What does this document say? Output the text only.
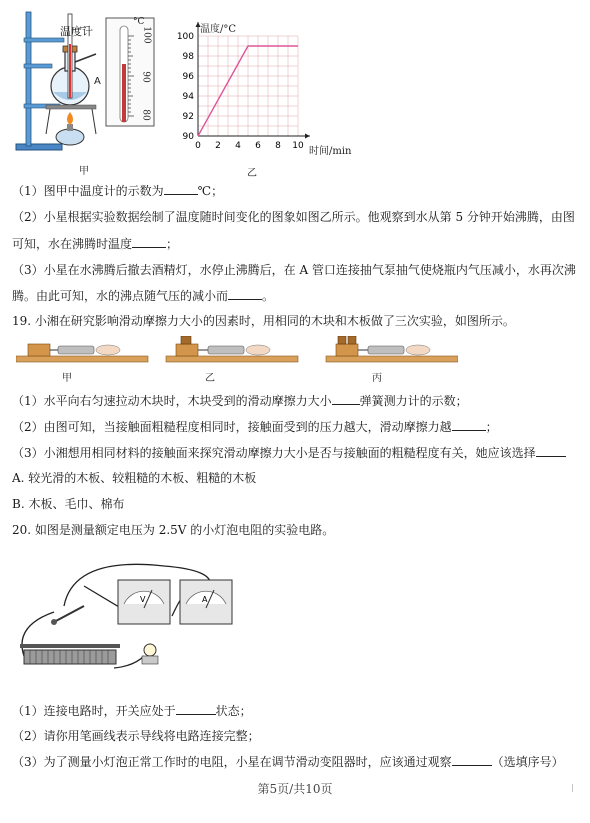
A
温度计
°C
100
90
80
甲
0 2 4 6 8 10
100
98
96
94
92
90
温度/°C
时间/min
乙
（1）图甲中温度计的示数为	℃；
（2）小星根据实验数据绘制了温度随时间变化的图象如图乙所示。他观察到水从第 5 分钟开始沸腾，由图
可知，水在沸腾时温度	；
（3）小星在水沸腾后撤去酒精灯，水停止沸腾后，在 A 管口连接抽气泵抽气使烧瓶内气压减小，水再次沸
腾。由此可知，水的沸点随气压的减小而	。
19. 小湘在研究影响滑动摩擦力大小的因素时，用相同的木块和木板做了三次实验，如图所示。
甲	乙	丙
（1）水平向右匀速拉动木块时，木块受到的滑动摩擦力大小 弹簧测力计的示数；
（2）由图可知，当接触面粗糙程度相同时，接触面受到的压力越大，滑动摩擦力越	；
（3）小湘想用相同材料的接触面来探究滑动摩擦力大小是否与接触面的粗糙程度有关，她应该选择
A. 较光滑的木板、较粗糙的木板、粗糙的木板
B. 木板、毛巾、棉布
20. 如图是测量额定电压为 2.5V 的小灯泡电阻的实验电路。
V	A
（1）连接电路时，开关应处于	状态；
（2）请你用笔画线表示导线将电路连接完整；
（3）为了测量小灯泡正常工作时的电阻，小星在调节滑动变阻器时，应该通过观察	（选填序号）
第5页/共10页
